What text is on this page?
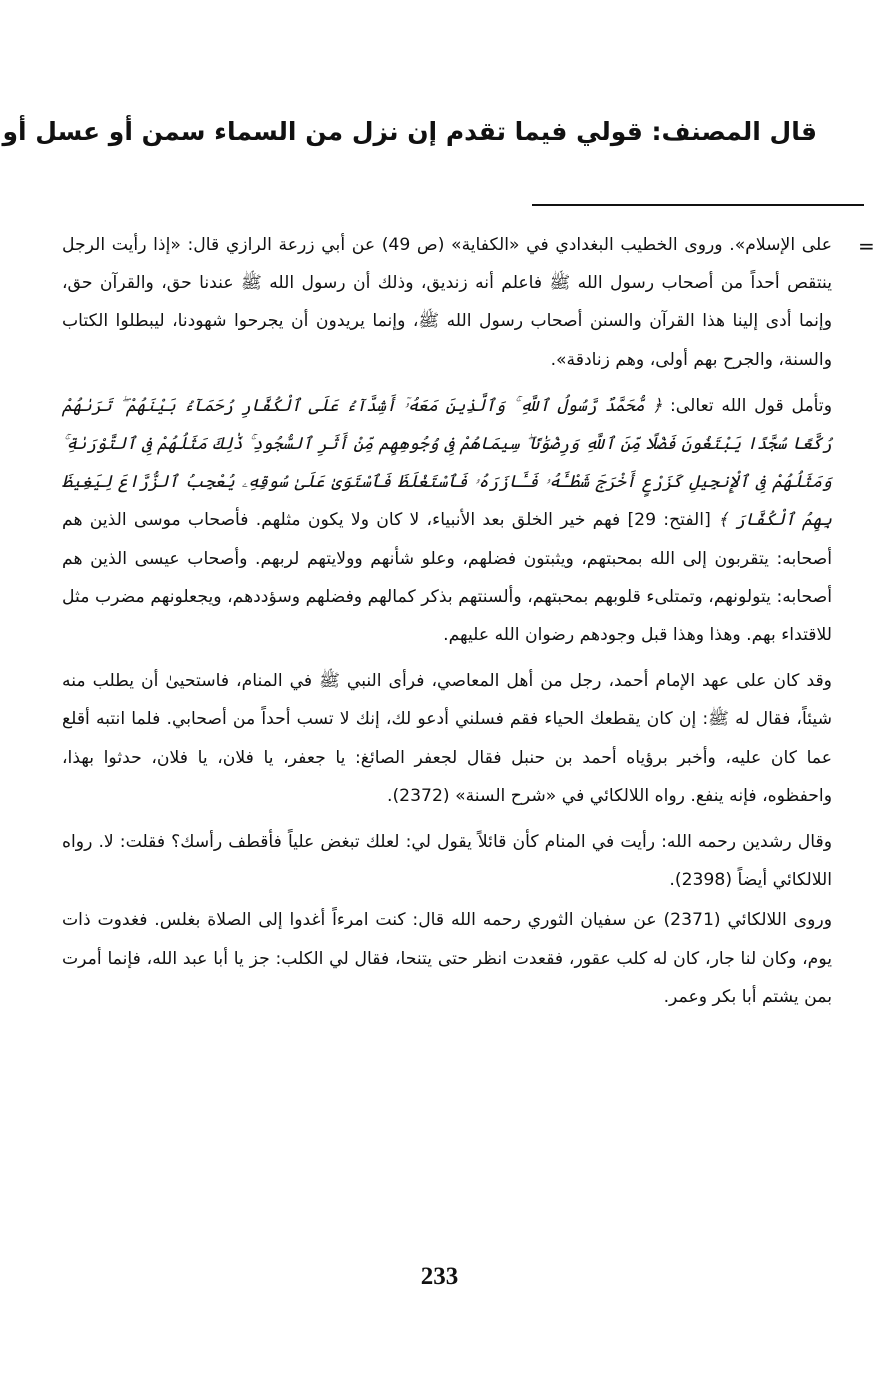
قال المصنف: قولي فيما تقدم إن نزل من السماء سمن أو عسل أو

=

على الإسلام». وروى الخطيب البغدادي في «الكفاية» (ص 49) عن أبي زرعة الرازي قال: «إذا رأيت الرجل ينتقص أحداً من أصحاب رسول الله ﷺ فاعلم أنه زنديق، وذلك أن رسول الله ﷺ عندنا حق، والقرآن حق، وإنما أدى إلينا هذا القرآن والسنن أصحاب رسول الله ﷺ، وإنما يريدون أن يجرحوا شهودنا، ليبطلوا الكتاب والسنة، والجرح بهم أولى، وهم زنادقة».

وتأمل قول الله تعالى: ﴿ مُّحَمَّدٌ رَّسُولُ ٱللَّهِ ۚ وَٱلَّذِينَ مَعَهُۥٓ أَشِدَّآءُ عَلَى ٱلْكُفَّارِ رُحَمَآءُ بَيْنَهُمْ ۖ تَرَىٰهُمْ رُكَّعًا سُجَّدًا يَبْتَغُونَ فَضْلًا مِّنَ ٱللَّهِ وَرِضْوَٰنًا ۖ سِيمَاهُمْ فِى وُجُوهِهِم مِّنْ أَثَرِ ٱلسُّجُودِ ۚ ذَٰلِكَ مَثَلُهُمْ فِى ٱلتَّوْرَىٰةِ ۚ وَمَثَلُهُمْ فِى ٱلْإِنجِيلِ كَزَرْعٍ أَخْرَجَ شَطْـَٔهُۥ فَـَٔازَرَهُۥ فَٱسْتَغْلَظَ فَٱسْتَوَىٰ عَلَىٰ سُوقِهِۦ يُعْجِبُ ٱلزُّرَّاعَ لِيَغِيظَ بِهِمُ ٱلْكُفَّارَ ﴾ [الفتح: 29] فهم خير الخلق بعد الأنبياء، لا كان ولا يكون مثلهم. فأصحاب موسى الذين هم أصحابه: يتقربون إلى الله بمحبتهم، ويثبتون فضلهم، وعلو شأنهم وولايتهم لربهم. وأصحاب عيسى الذين هم أصحابه: يتولونهم، وتمتلىء قلوبهم بمحبتهم، وألسنتهم بذكر كمالهم وفضلهم وسؤددهم، ويجعلونهم مضرب مثل للاقتداء بهم. وهذا وهذا قبل وجودهم رضوان الله عليهم.

وقد كان على عهد الإمام أحمد، رجل من أهل المعاصي، فرأى النبي ﷺ في المنام، فاستحيىٰ أن يطلب منه شيئاً، فقال له ﷺ: إن كان يقطعك الحياء فقم فسلني أدعو لك، إنك لا تسب أحداً من أصحابي. فلما انتبه أقلع عما كان عليه، وأخبر برؤياه أحمد بن حنبل فقال لجعفر الصائغ: يا جعفر، يا فلان، يا فلان، حدثوا بهذا، واحفظوه، فإنه ينفع. رواه اللالكائي في «شرح السنة» (2372).

وقال رشدين رحمه الله: رأيت في المنام كأن قائلاً يقول لي: لعلك تبغض علياً فأقطف رأسك؟ فقلت: لا. رواه اللالكائي أيضاً (2398).

وروى اللالكائي (2371) عن سفيان الثوري رحمه الله قال: كنت امرءاً أغدوا إلى الصلاة بغلس. فغدوت ذات يوم، وكان لنا جار، كان له كلب عقور، فقعدت انظر حتى يتنحا، فقال لي الكلب: جز يا أبا عبد الله، فإنما أمرت بمن يشتم أبا بكر وعمر.

233
